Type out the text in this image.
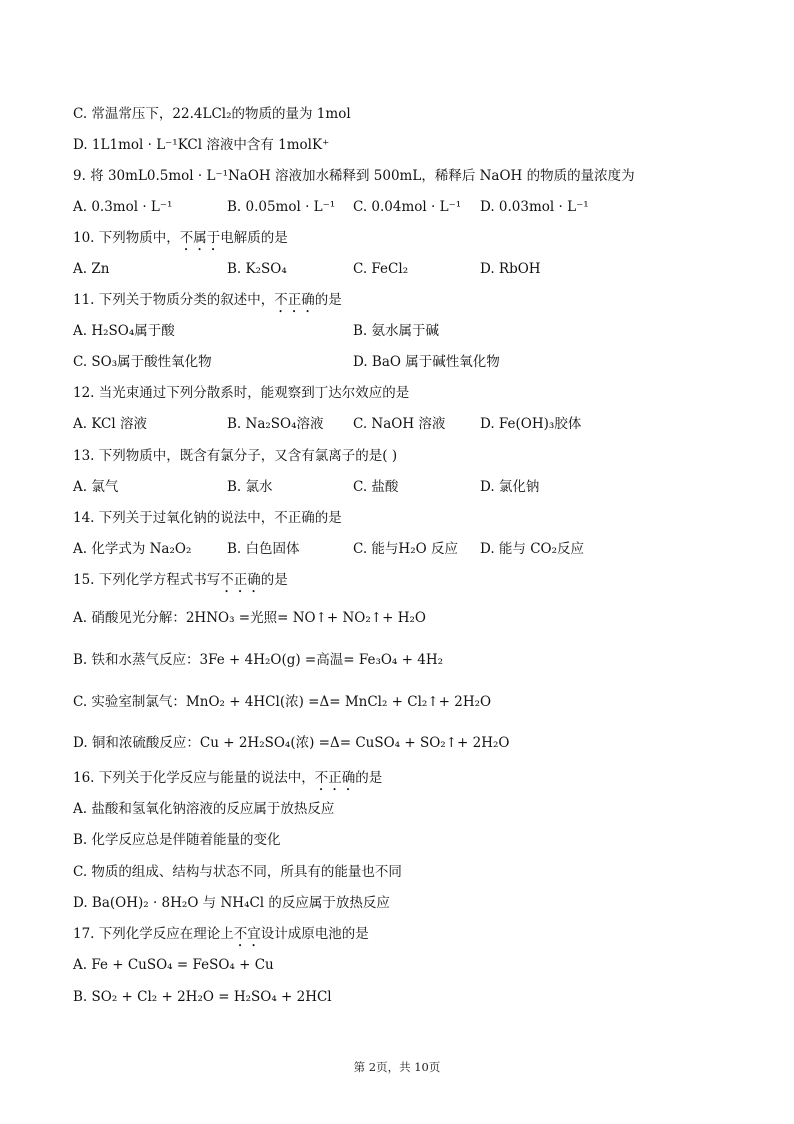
C. 常温常压下，22.4LCl₂的物质的量为 1mol
D. 1L1mol · L⁻¹KCl 溶液中含有 1molK⁺
9. 将 30mL0.5mol · L⁻¹NaOH 溶液加水稀释到 500mL，稀释后 NaOH 的物质的量浓度为
A. 0.3mol · L⁻¹	B. 0.05mol · L⁻¹ C. 0.04mol · L⁻¹ D. 0.03mol · L⁻¹
10. 下列物质中，不属于电解质的是
A. Zn	B. K₂SO₄	C. FeCl₂	D. RbOH
11. 下列关于物质分类的叙述中，不正确的是
A. H₂SO₄属于酸	B. 氨水属于碱
C. SO₃属于酸性氧化物	D. BaO 属于碱性氧化物
12. 当光束通过下列分散系时，能观察到丁达尔效应的是
A. KCl 溶液	B. Na₂SO₄溶液 C. NaOH 溶液	D. Fe(OH)₃胶体
13. 下列物质中，既含有氯分子，又含有氯离子的是( )
A. 氯气	B. 氯水	C. 盐酸	D. 氯化钠
14. 下列关于过氧化钠的说法中，不正确的是
A. 化学式为 Na₂O₂	B. 白色固体	C. 能与H₂O 反应 D. 能与 CO₂反应
15. 下列化学方程式书写不正确的是
A. 硝酸见光分解：2HNO₃ =光照= NO↑+ NO₂↑+ H₂O
B. 铁和水蒸气反应：3Fe + 4H₂O(g) =高温= Fe₃O₄ + 4H₂
C. 实验室制氯气：MnO₂ + 4HCl(浓) =Δ= MnCl₂ + Cl₂↑+ 2H₂O
D. 铜和浓硫酸反应：Cu + 2H₂SO₄(浓) =Δ= CuSO₄ + SO₂↑+ 2H₂O
16. 下列关于化学反应与能量的说法中，不正确的是
A. 盐酸和氢氧化钠溶液的反应属于放热反应
B. 化学反应总是伴随着能量的变化
C. 物质的组成、结构与状态不同，所具有的能量也不同
D. Ba(OH)₂ · 8H₂O 与 NH₄Cl 的反应属于放热反应
17. 下列化学反应在理论上不宜设计成原电池的是
A. Fe + CuSO₄ = FeSO₄ + Cu
B. SO₂ + Cl₂ + 2H₂O = H₂SO₄ + 2HCl
第 2页，共 10页
